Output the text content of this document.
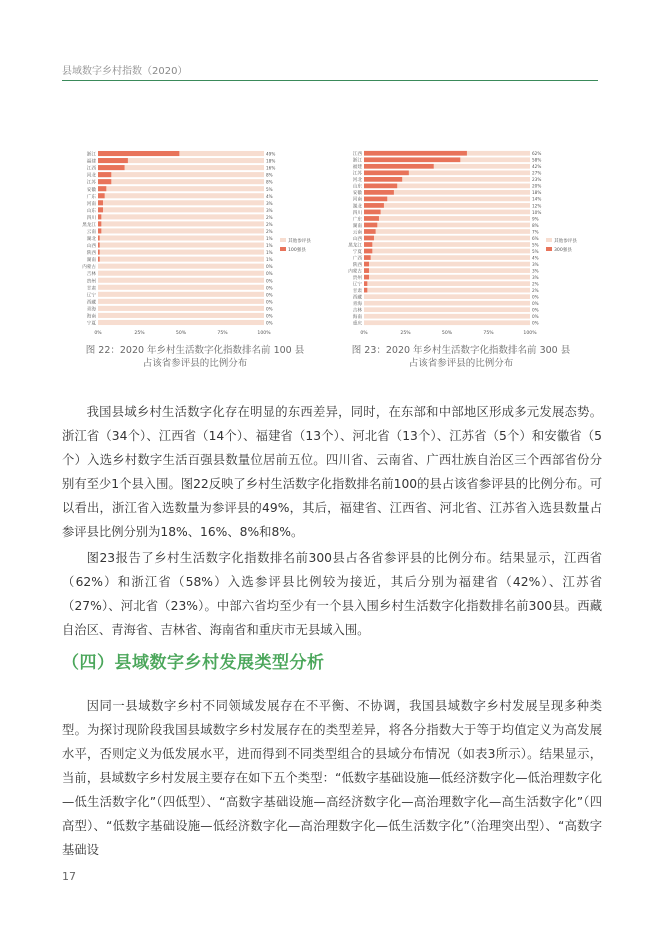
县域数字乡村指数（2020）
浙江	49%
福建	18%
江西	16%
河北	8%
江苏	8%
安徽	5%
广东	4%
河南	3%
山东	3%
四川	2%
黑龙江	2%
云南	2%
湖北	1%
山西	1%
陕西	1%
湖南	1%
内蒙古	0%
吉林	0%
贵州	0%
甘肃	0%
辽宁	0%
西藏	0%
青海	0%
海南	0%
宁夏	0%
0%	25%	50%	75%	100%
其他参评县
100强县
江西	62%
浙江	58%
福建	42%
江苏	27%
河北	23%
山东	20%
安徽	18%
河南	14%
湖北	12%
四川	10%
广东	9%
湖南	8%
云南	7%
山西	6%
黑龙江	5%
宁夏	5%
广西	4%
陕西	3%
内蒙古	3%
贵州	3%
辽宁	2%
甘肃	2%
西藏	0%
青海	0%
吉林	0%
海南	0%
重庆	0%
0%	25%	50%	75%	100%
其他参评县
300强县
图 22：2020 年乡村生活数字化指数排名前 100 县
占该省参评县的比例分布
图 23：2020 年乡村生活数字化指数排名前 300 县
占该省参评县的比例分布
我国县域乡村生活数字化存在明显的东西差异，同时，在东部和中部地区形成多元发展态势。浙江省（34个）、江西省（14个）、福建省（13个）、河北省（13个）、江苏省（5个）和安徽省（5个）入选乡村数字生活百强县数量位居前五位。四川省、云南省、广西壮族自治区三个西部省份分别有至少1个县入围。图22反映了乡村生活数字化指数排名前100的县占该省参评县的比例分布。可以看出，浙江省入选数量为参评县的49%，其后，福建省、江西省、河北省、江苏省入选县数量占参评县比例分别为18%、16%、8%和8%。
图23报告了乡村生活数字化指数排名前300县占各省参评县的比例分布。结果显示，江西省（62%）和浙江省（58%）入选参评县比例较为接近，其后分别为福建省（42%）、江苏省（27%）、河北省（23%）。中部六省均至少有一个县入围乡村生活数字化指数排名前300县。西藏自治区、青海省、吉林省、海南省和重庆市无县域入围。
（四）县域数字乡村发展类型分析
因同一县域数字乡村不同领域发展存在不平衡、不协调，我国县域数字乡村发展呈现多种类型。为探讨现阶段我国县域数字乡村发展存在的类型差异，将各分指数大于等于均值定义为高发展水平，否则定义为低发展水平，进而得到不同类型组合的县域分布情况（如表3所示）。结果显示，当前，县域数字乡村发展主要存在如下五个类型：“低数字基础设施—低经济数字化—低治理数字化—低生活数字化”（四低型）、“高数字基础设施—高经济数字化—高治理数字化—高生活数字化”（四高型）、“低数字基础设施—低经济数字化—高治理数字化—低生活数字化”（治理突出型）、“高数字基础设
17
